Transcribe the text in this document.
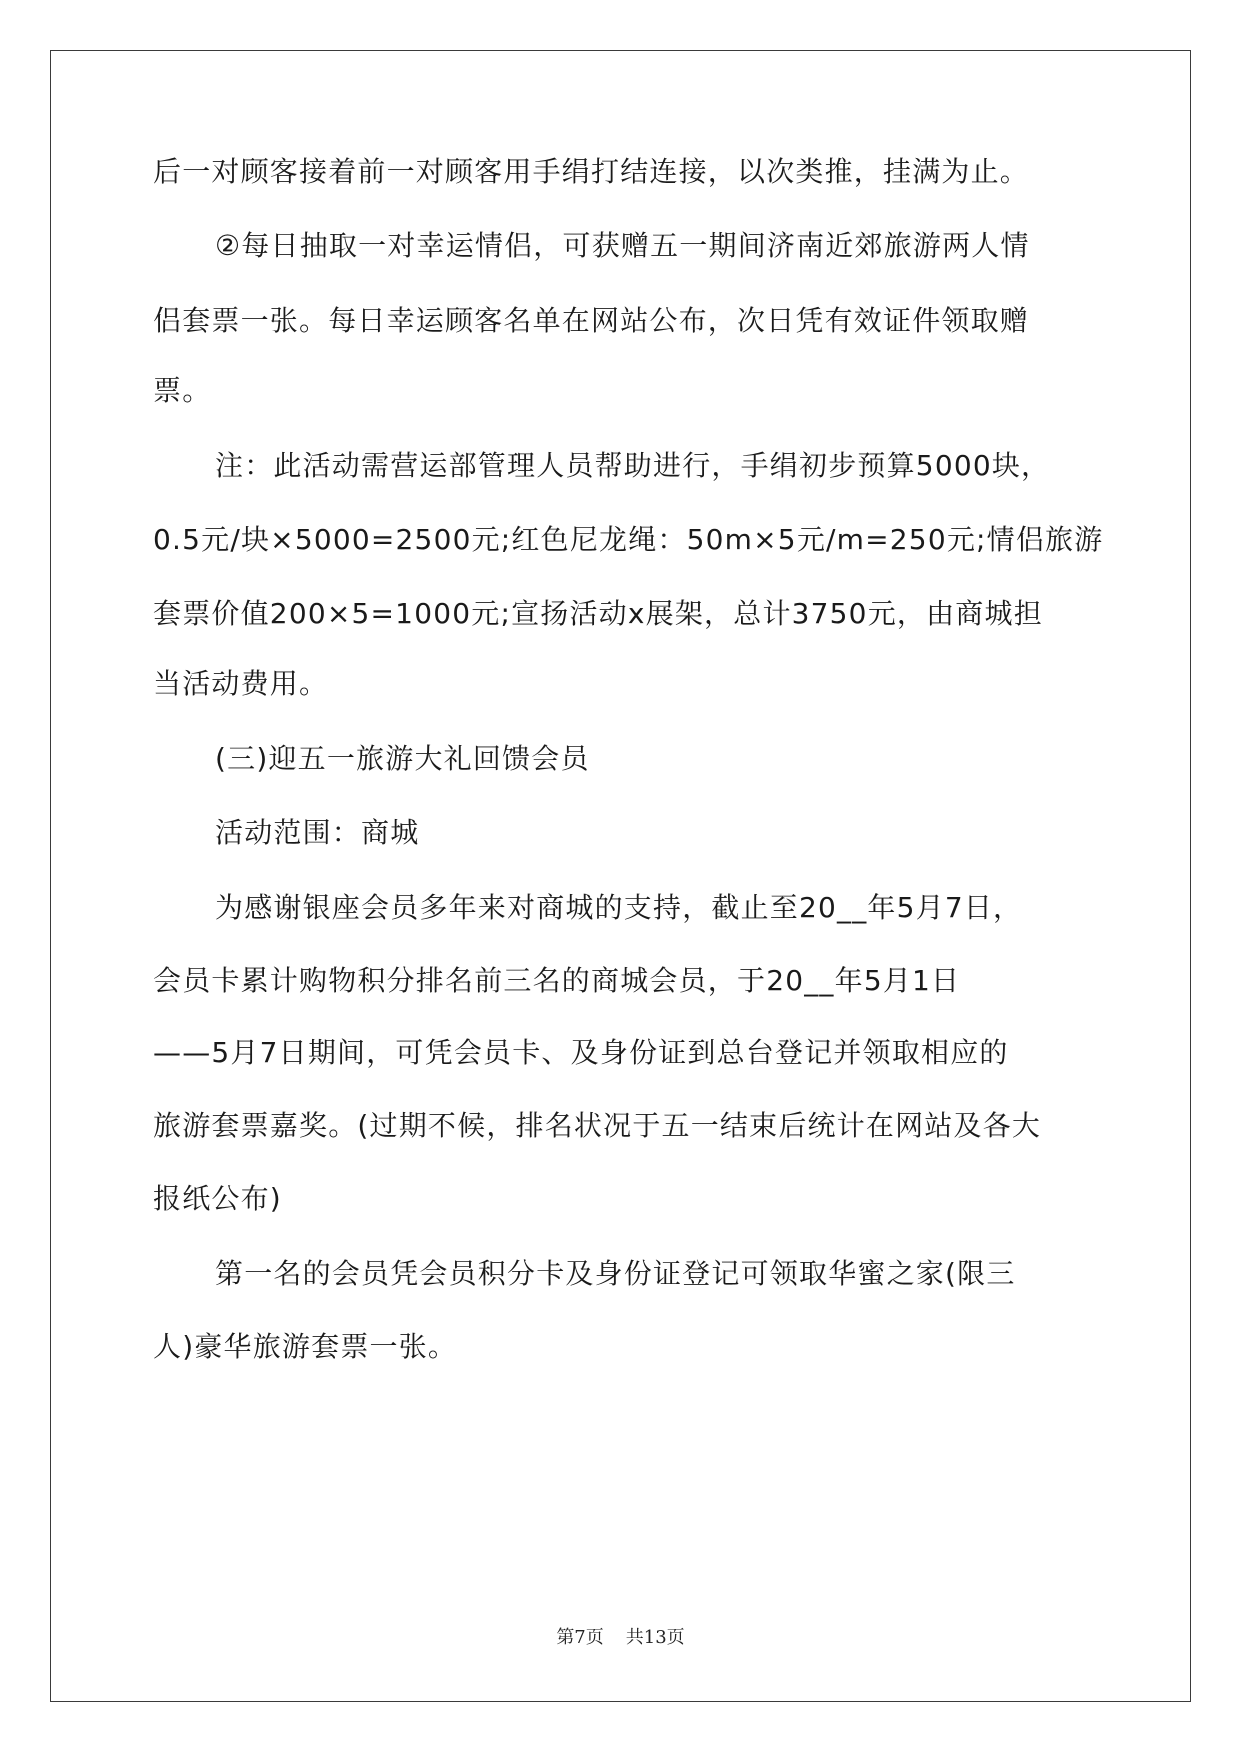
后一对顾客接着前一对顾客用手绢打结连接，以次类推，挂满为止。
②每日抽取一对幸运情侣，可获赠五一期间济南近郊旅游两人情
侣套票一张。每日幸运顾客名单在网站公布，次日凭有效证件领取赠
票。
注：此活动需营运部管理人员帮助进行，手绢初步预算5000块，
0.5元/块×5000=2500元;红色尼龙绳：50m×5元/m=250元;情侣旅游
套票价值200×5=1000元;宣扬活动x展架，总计3750元，由商城担
当活动费用。
(三)迎五一旅游大礼回馈会员
活动范围：商城
为感谢银座会员多年来对商城的支持，截止至20__年5月7日，
会员卡累计购物积分排名前三名的商城会员，于20__年5月1日
——5月7日期间，可凭会员卡、及身份证到总台登记并领取相应的
旅游套票嘉奖。(过期不候，排名状况于五一结束后统计在网站及各大
报纸公布)
第一名的会员凭会员积分卡及身份证登记可领取华蜜之家(限三
人)豪华旅游套票一张。
第7页 共13页
